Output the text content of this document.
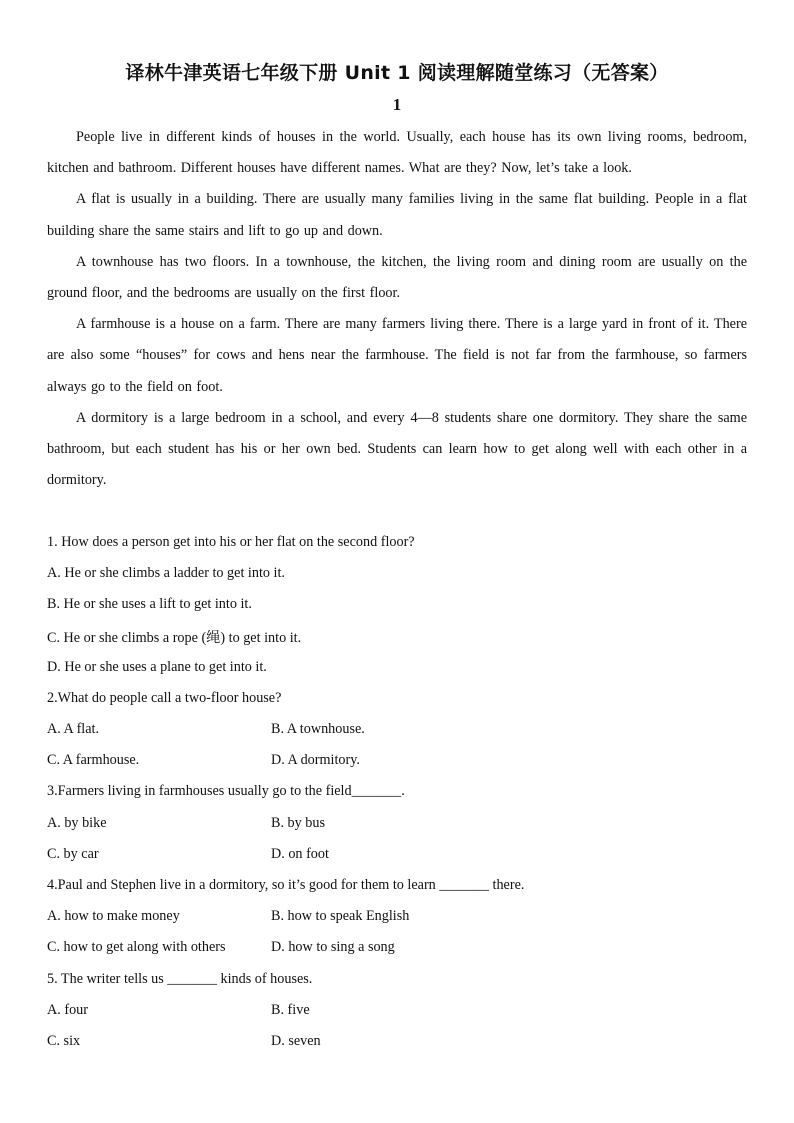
译林牛津英语七年级下册 Unit 1 阅读理解随堂练习（无答案）
1

People live in different kinds of houses in the world. Usually, each house has its own living rooms, bedroom, kitchen and bathroom. Different houses have different names. What are they? Now, let’s take a look.

A flat is usually in a building. There are usually many families living in the same flat building. People in a flat building share the same stairs and lift to go up and down.

A townhouse has two floors. In a townhouse, the kitchen, the living room and dining room are usually on the ground floor, and the bedrooms are usually on the first floor.

A farmhouse is a house on a farm. There are many farmers living there. There is a large yard in front of it. There are also some “houses” for cows and hens near the farmhouse. The field is not far from the farmhouse, so farmers always go to the field on foot.

A dormitory is a large bedroom in a school, and every 4—8 students share one dormitory. They share the same bathroom, but each student has his or her own bed. Students can learn how to get along well with each other in a dormitory.

1. How does a person get into his or her flat on the second floor?
A. He or she climbs a ladder to get into it.
B. He or she uses a lift to get into it.
C. He or she climbs a rope (绳) to get into it.
D. He or she uses a plane to get into it.
2.What do people call a two-floor house?
A. A flat.	B. A townhouse.
C. A farmhouse.	D. A dormitory.
3.Farmers living in farmhouses usually go to the field_______.
A. by bike	B. by bus
C. by car	D. on foot
4.Paul and Stephen live in a dormitory, so it’s good for them to learn _______ there.
A. how to make money	B. how to speak English
C. how to get along with others	D. how to sing a song
5. The writer tells us _______ kinds of houses.
A. four	B. five
C. six	D. seven
